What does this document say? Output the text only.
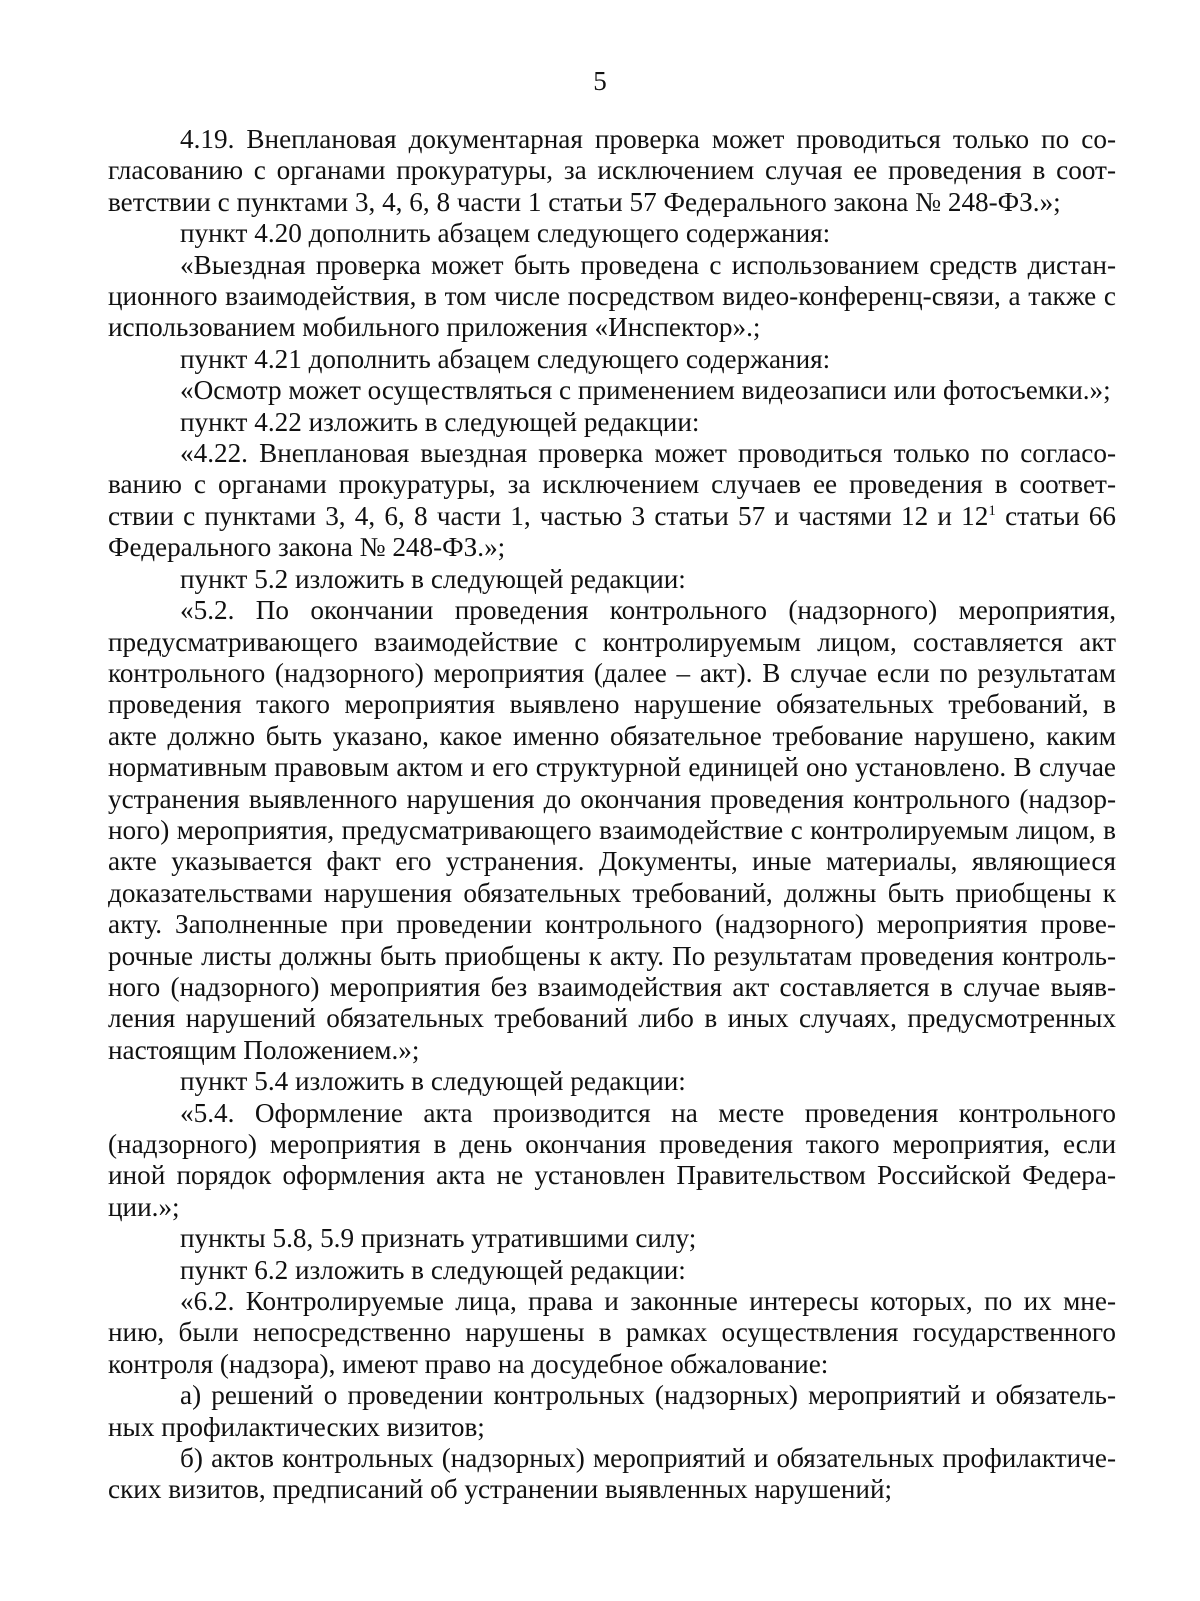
5

4.19. Внеплановая документарная проверка может проводиться только по согласованию с органами прокуратуры, за исключением случая ее проведения в соответствии с пунктами 3, 4, 6, 8 части 1 статьи 57 Федерального закона № 248-ФЗ.»;

пункт 4.20 дополнить абзацем следующего содержания:

«Выездная проверка может быть проведена с использованием средств дистанционного взаимодействия, в том числе посредством видео-конференц-связи, а также с использованием мобильного приложения «Инспектор».;

пункт 4.21 дополнить абзацем следующего содержания:

«Осмотр может осуществляться с применением видеозаписи или фотосъемки.»;

пункт 4.22 изложить в следующей редакции:

«4.22. Внеплановая выездная проверка может проводиться только по согласованию с органами прокуратуры, за исключением случаев ее проведения в соответствии с пунктами 3, 4, 6, 8 части 1, частью 3 статьи 57 и частями 12 и $12^1$ статьи 66 Федерального закона № 248-ФЗ.»;

пункт 5.2 изложить в следующей редакции:

«5.2. По окончании проведения контрольного (надзорного) мероприятия, предусматривающего взаимодействие с контролируемым лицом, составляется акт контрольного (надзорного) мероприятия (далее – акт). В случае если по результатам проведения такого мероприятия выявлено нарушение обязательных требований, в акте должно быть указано, какое именно обязательное требование нарушено, каким нормативным правовым актом и его структурной единицей оно установлено. В случае устранения выявленного нарушения до окончания проведения контрольного (надзорного) мероприятия, предусматривающего взаимодействие с контролируемым лицом, в акте указывается факт его устранения. Документы, иные материалы, являющиеся доказательствами нарушения обязательных требований, должны быть приобщены к акту. Заполненные при проведении контрольного (надзорного) мероприятия проверочные листы должны быть приобщены к акту. По результатам проведения контрольного (надзорного) мероприятия без взаимодействия акт составляется в случае выявления нарушений обязательных требований либо в иных случаях, предусмотренных настоящим Положением.»;

пункт 5.4 изложить в следующей редакции:

«5.4. Оформление акта производится на месте проведения контрольного (надзорного) мероприятия в день окончания проведения такого мероприятия, если иной порядок оформления акта не установлен Правительством Российской Федерации.»;

пункты 5.8, 5.9 признать утратившими силу;

пункт 6.2 изложить в следующей редакции:

«6.2. Контролируемые лица, права и законные интересы которых, по их мнению, были непосредственно нарушены в рамках осуществления государственного контроля (надзора), имеют право на досудебное обжалование:

а) решений о проведении контрольных (надзорных) мероприятий и обязательных профилактических визитов;

б) актов контрольных (надзорных) мероприятий и обязательных профилактических визитов, предписаний об устранении выявленных нарушений;
